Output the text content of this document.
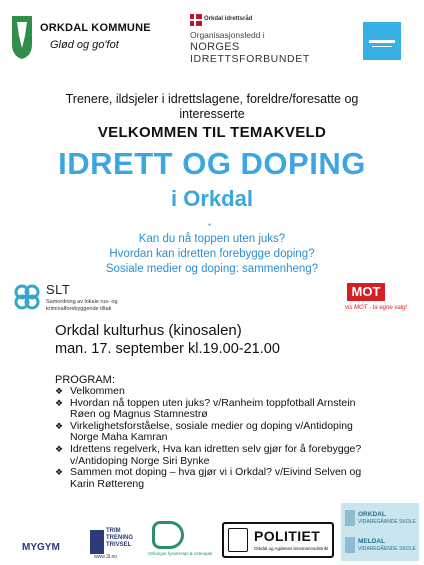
ORKDAL KOMMUNE
Glød og go'fot
Orkdal idrettsråd
Organisasjonsledd i
NORGES
IDRETTSFORBUNDET
Trenere, ildsjeler i idrettslagene, foreldre/foresatte og
interesserte
VELKOMMEN TIL TEMAKVELD
IDRETT OG DOPING
i Orkdal
●
Kan du nå toppen uten juks?
Hvordan kan idretten forebygge doping?
Sosiale medier og doping: sammenheng?
SLT
Samordning av lokale rus- og
kriminalforebyggende tiltak
MOT
vis MOT - ta egne valg!
Orkdal kulturhus (kinosalen)
man. 17. september kl.19.00-21.00
PROGRAM:
❖ Velkommen
❖ Hvordan nå toppen uten juks? v/Ranheim toppfotball Arnstein Røen og Magnus Stamnestrø
❖ Virkelighetsforståelse, sosiale medier og doping v/Antidoping Norge Maha Kamran
❖ Idrettens regelverk, Hva kan idretten selv gjør for å forebygge? v/Antidoping Norge Siri Bynke
❖ Sammen mot doping – hva gjør vi i Orkdal? v/Eivind Selven og Karin Røttereng
MYGYM
TRIM
TRENING
TRIVSEL
www.3t.no
Orkanger fysioterapi & osteopati
POLITIET
Orkdal og Agdenes lensmannsdistrikt
ORKDAL
VIDAREGÅANDE SKOLE
MELDAL
VIDAREGÅENDE SKOLE
